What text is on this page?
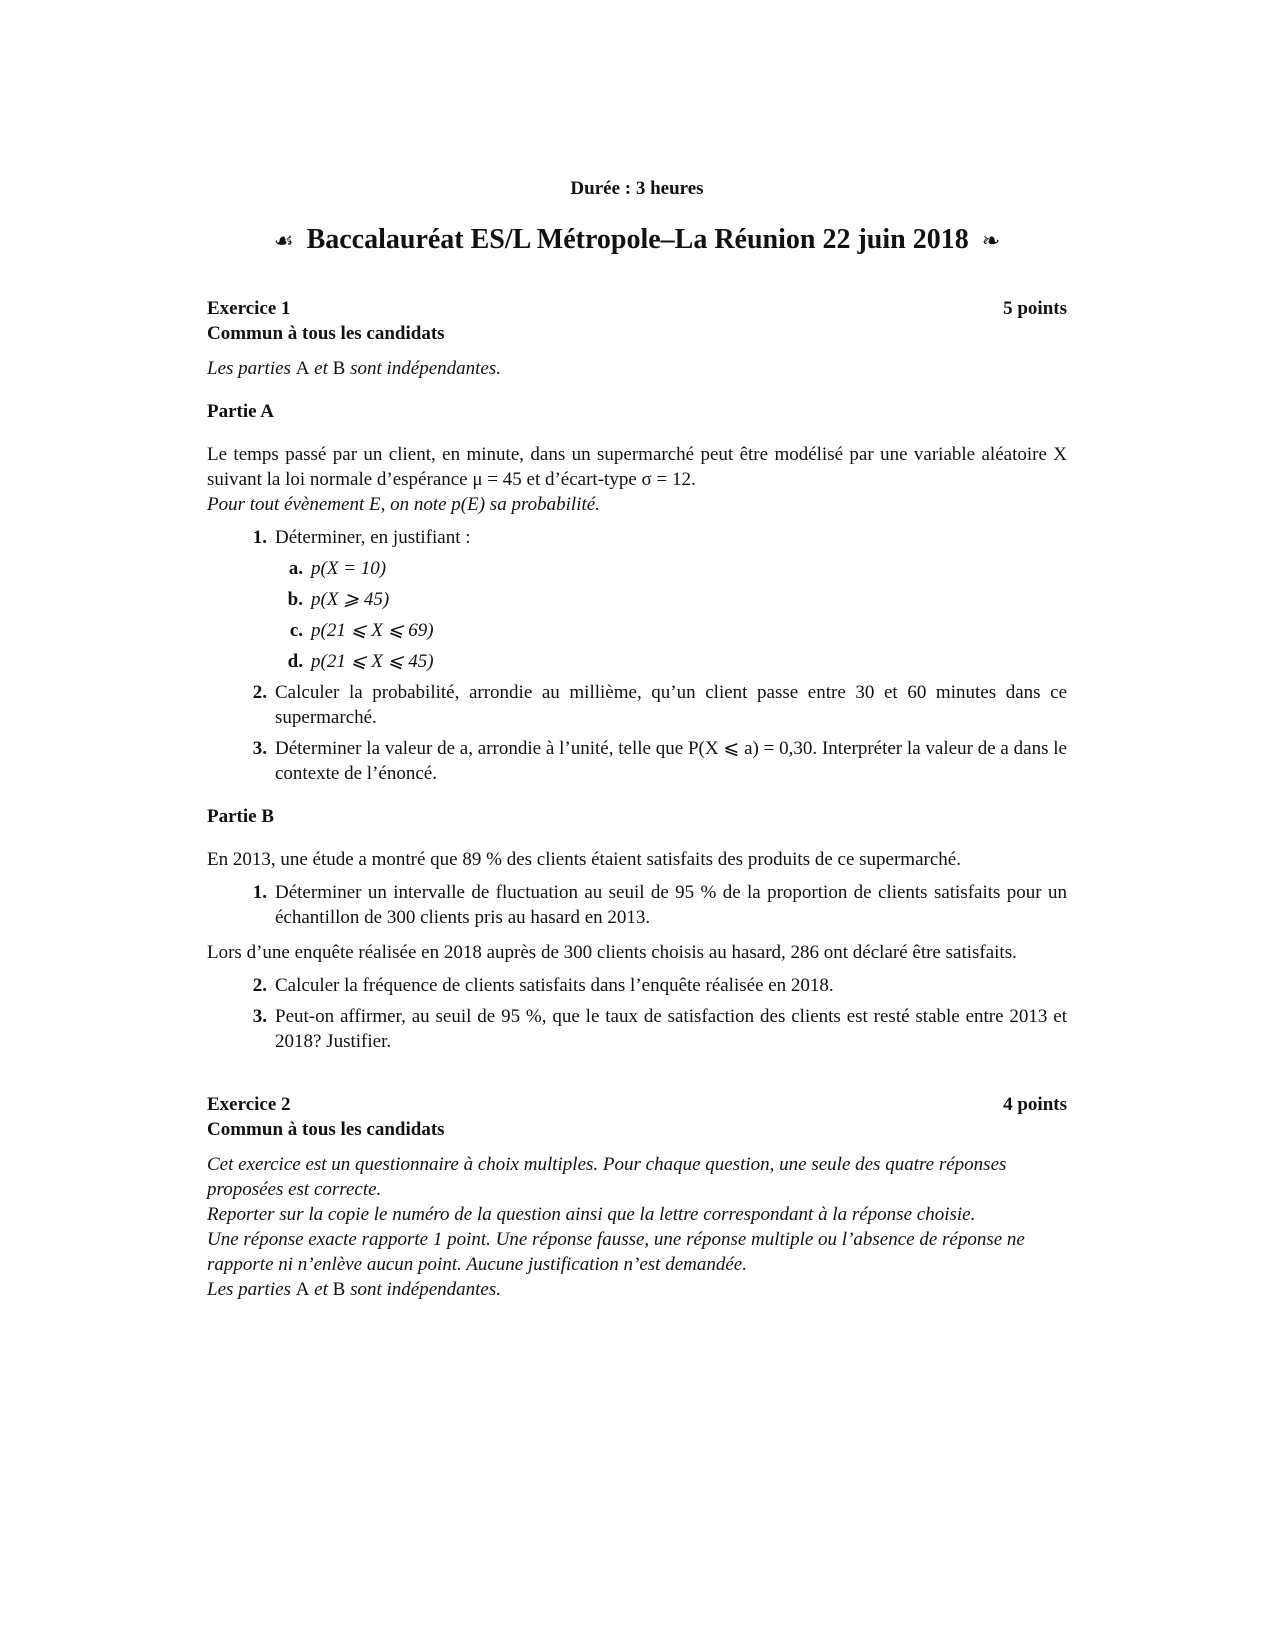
Durée : 3 heures
☙ Baccalauréat ES/L Métropole–La Réunion 22 juin 2018 ❧
Exercice 1	5 points
Commun à tous les candidats

Les parties A et B sont indépendantes.

Partie A

Le temps passé par un client, en minute, dans un supermarché peut être modélisé par une variable aléatoire X suivant la loi normale d’espérance μ = 45 et d’écart-type σ = 12.

Pour tout évènement E, on note p(E) sa probabilité.

1. Déterminer, en justifiant :
a. p(X = 10)
b. p(X ⩾ 45)
c. p(21 ⩽ X ⩽ 69)
d. p(21 ⩽ X ⩽ 45)
2. Calculer la probabilité, arrondie au millième, qu’un client passe entre 30 et 60 minutes dans ce supermarché.
3. Déterminer la valeur de a, arrondie à l’unité, telle que P(X ⩽ a) = 0,30. Interpréter la valeur de a dans le contexte de l’énoncé.
Partie B

En 2013, une étude a montré que 89 % des clients étaient satisfaits des produits de ce supermarché.

1. Déterminer un intervalle de fluctuation au seuil de 95 % de la proportion de clients satisfaits pour un échantillon de 300 clients pris au hasard en 2013.

Lors d’une enquête réalisée en 2018 auprès de 300 clients choisis au hasard, 286 ont déclaré être satisfaits.

2. Calculer la fréquence de clients satisfaits dans l’enquête réalisée en 2018.
3. Peut-on affirmer, au seuil de 95 %, que le taux de satisfaction des clients est resté stable entre 2013 et 2018? Justifier.
Exercice 2	4 points
Commun à tous les candidats

Cet exercice est un questionnaire à choix multiples. Pour chaque question, une seule des quatre réponses proposées est correcte.

Reporter sur la copie le numéro de la question ainsi que la lettre correspondant à la réponse choisie.

Une réponse exacte rapporte 1 point. Une réponse fausse, une réponse multiple ou l’absence de réponse ne rapporte ni n’enlève aucun point. Aucune justification n’est demandée.

Les parties A et B sont indépendantes.
